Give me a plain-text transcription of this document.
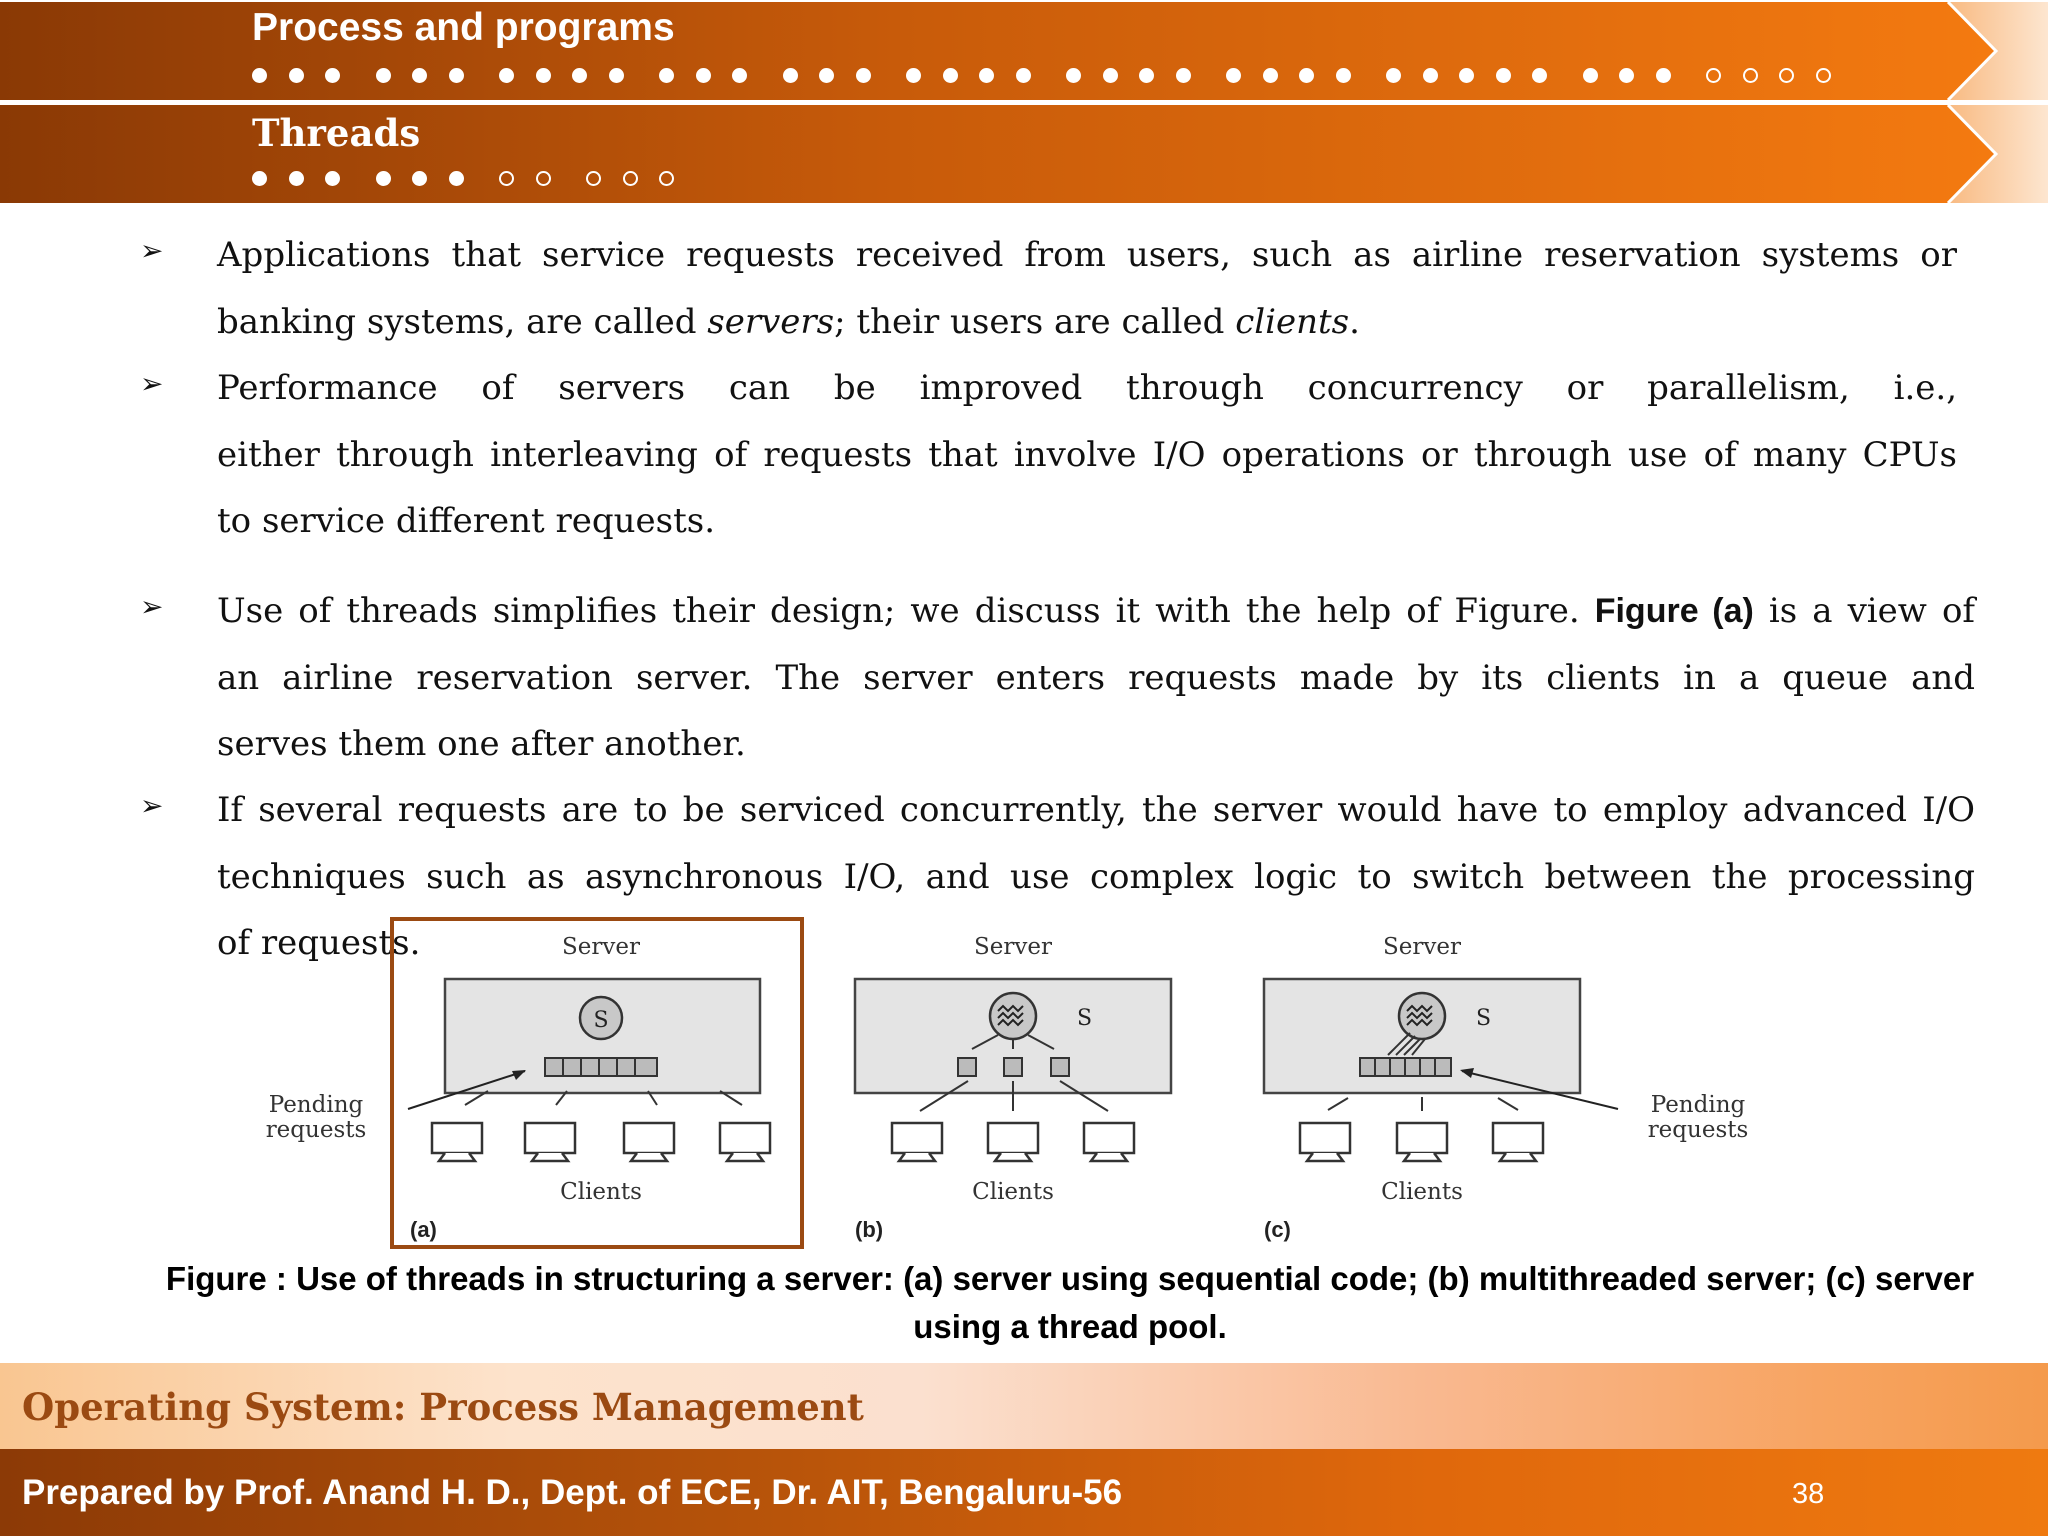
Process and programs
Threads
➢ Applications that service requests received from users, such as airline reservation systems or
banking systems, are called servers; their users are called clients.
➢ Performance of servers can be improved through concurrency or parallelism, i.e.,
either through interleaving of requests that involve I/O operations or through use of many CPUs
to service different requests.
➢ Use of threads simplifies their design; we discuss it with the help of Figure. Figure (a) is a view of
an airline reservation server. The server enters requests made by its clients in a queue and
serves them one after another.
➢ If several requests are to be serviced concurrently, the server would have to employ advanced I/O
techniques such as asynchronous I/O, and use complex logic to switch between the processing
of requests.	Server
S
Pending
requests
Clients
(a)
Server
S
Clients
(b)
Server
S
Pending
requests
Clients
(c)
Figure : Use of threads in structuring a server: (a) server using sequential code; (b) multithreaded server; (c) server
using a thread pool.
Operating System: Process Management
Prepared by Prof. Anand H. D., Dept. of ECE, Dr. AIT, Bengaluru-56	38
